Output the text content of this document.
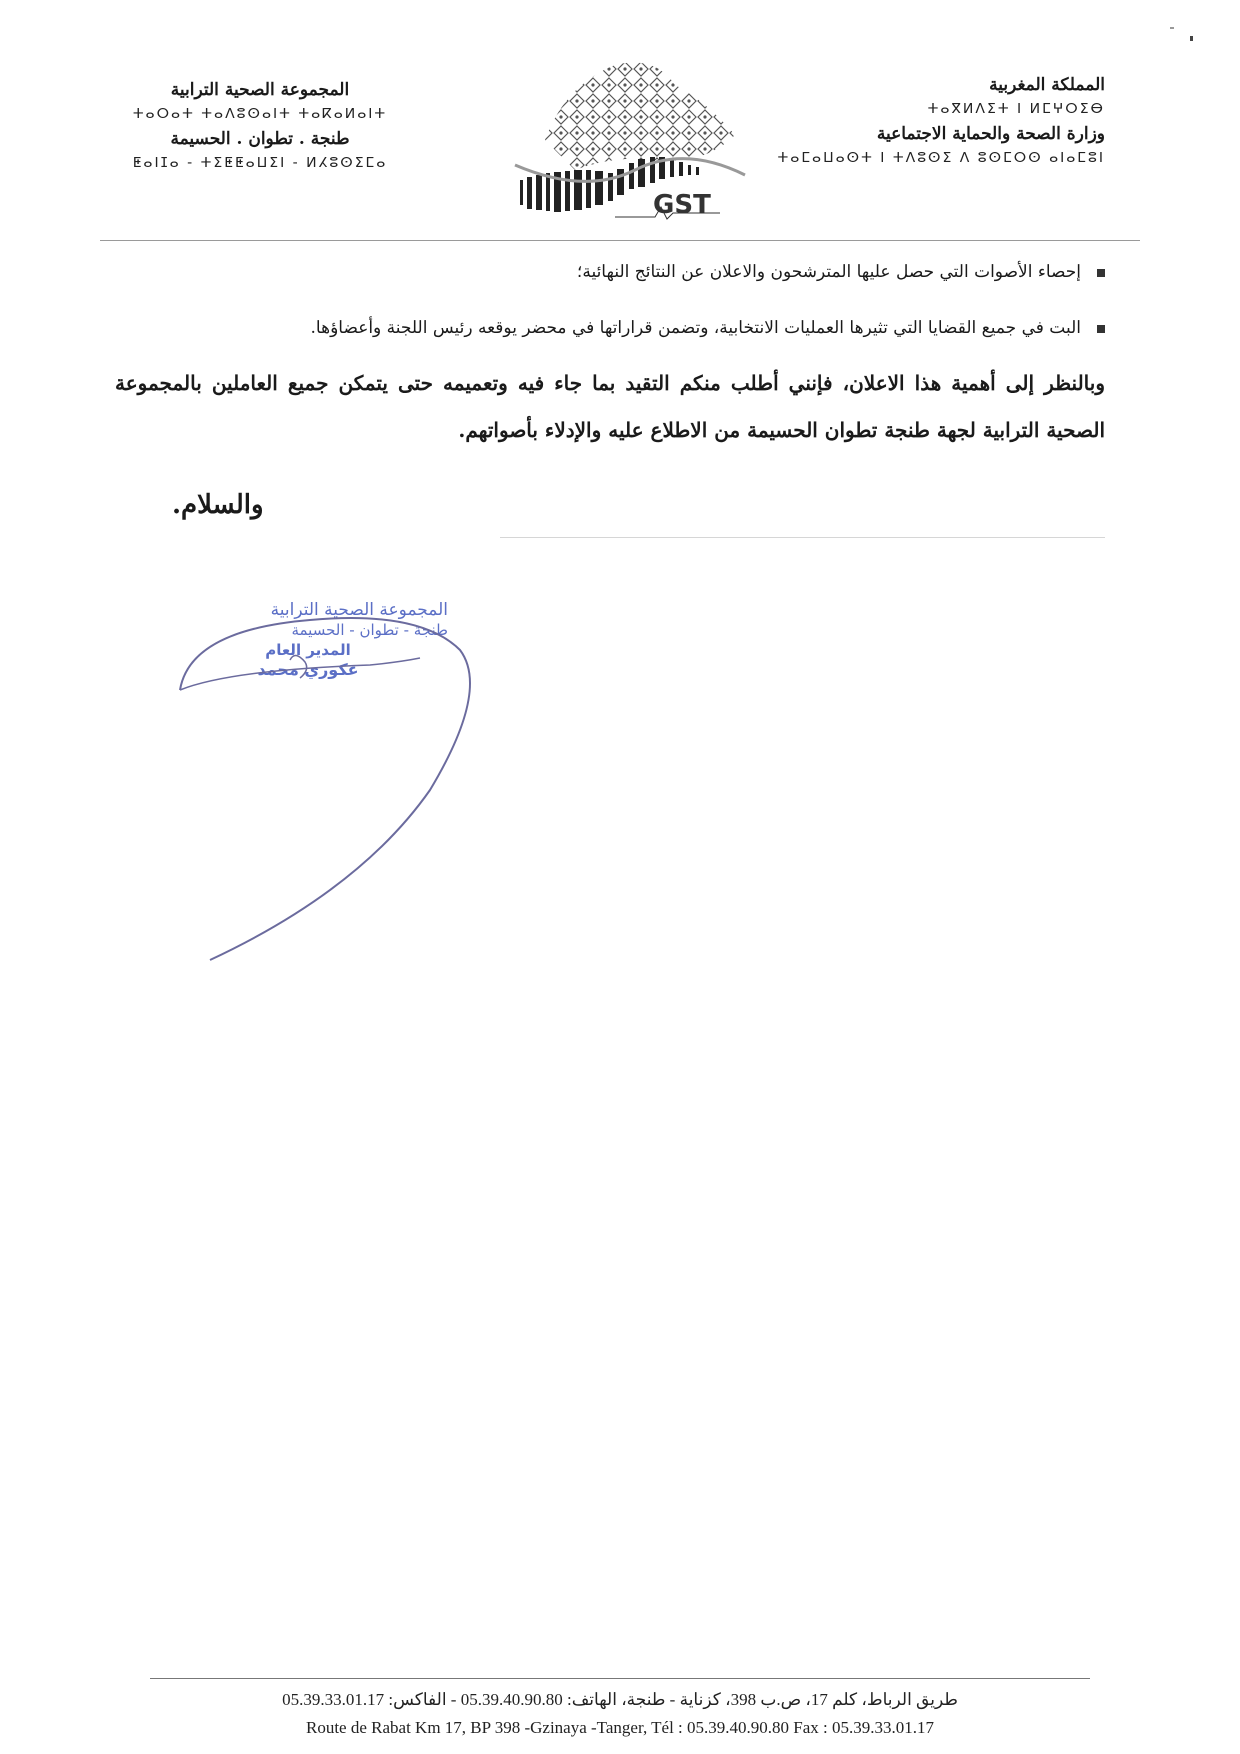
المملكة المغربية
ⵜⴰⴳⵍⴷⵉⵜ ⵏ ⵍⵎⵖⵔⵉⴱ
وزارة الصحة والحماية الاجتماعية
ⵜⴰⵎⴰⵡⴰⵙⵜ ⵏ ⵜⴷⵓⵙⵉ ⴷ ⵓⵙⵎⵔⵙ ⴰⵏⴰⵎⵓⵏ
المجموعة الصحية الترابية
ⵜⴰⵔⴰⵜ ⵜⴰⴷⵓⵙⴰⵏⵜ ⵜⴰⴽⴰⵍⴰⵏⵜ
طنجة . تطوان . الحسيمة
ⵟⴰⵏⵊⴰ - ⵜⵉⵟⵟⴰⵡⵉⵏ - ⵍⵃⵓⵙⵉⵎⴰ
GST
إحصاء الأصوات التي حصل عليها المترشحون والاعلان عن النتائج النهائية؛
البت في جميع القضايا التي تثيرها العمليات الانتخابية، وتضمن قراراتها في محضر يوقعه رئيس اللجنة وأعضاؤها.
وبالنظر إلى أهمية هذا الاعلان، فإنني أطلب منكم التقيد بما جاء فيه وتعميمه حتى يتمكن جميع العاملين بالمجموعة الصحية الترابية لجهة طنجة تطوان الحسيمة من الاطلاع عليه والإدلاء بأصواتهم.
والسلام.
المجموعة الصحية الترابية
طنجة - تطوان - الحسيمة
المدير العام
عكوري محمد
طريق الرباط، كلم 17، ص.ب 398، كزناية - طنجة، الهاتف: 05.39.40.90.80 - الفاكس: 05.39.33.01.17
Route de Rabat Km 17, BP 398 -Gzinaya -Tanger, Tél : 05.39.40.90.80 Fax : 05.39.33.01.17
